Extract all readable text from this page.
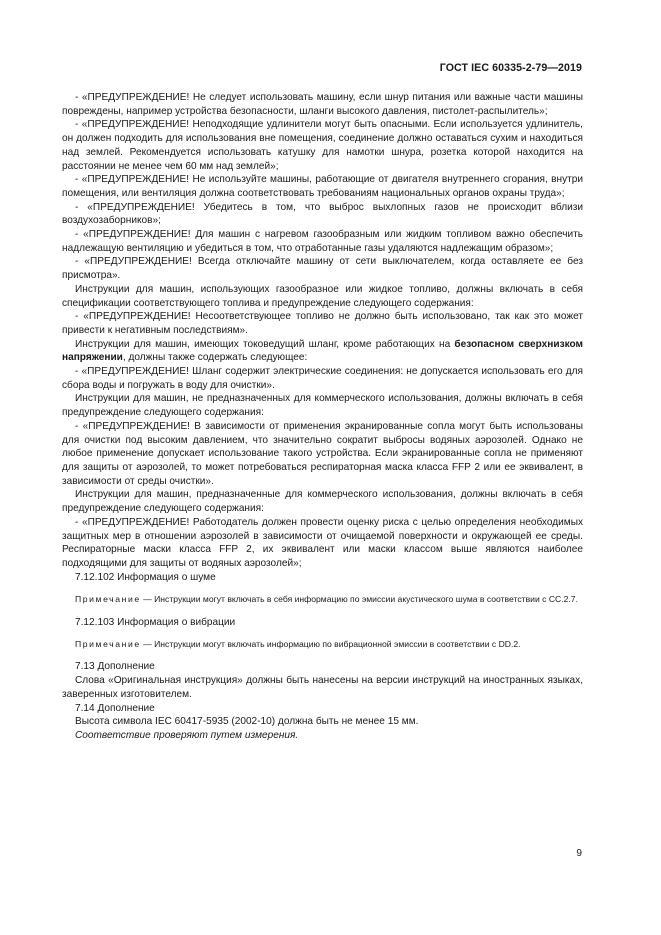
ГОСТ IEC 60335-2-79—2019

- «ПРЕДУПРЕЖДЕНИЕ! Не следует использовать машину, если шнур питания или важные части машины повреждены, например устройства безопасности, шланги высокого давления, пистолет-распылитель»;

- «ПРЕДУПРЕЖДЕНИЕ! Неподходящие удлинители могут быть опасными. Если используется удлинитель, он должен подходить для использования вне помещения, соединение должно оставаться сухим и находиться над землей. Рекомендуется использовать катушку для намотки шнура, розетка которой находится на расстоянии не менее чем 60 мм над землей»;

- «ПРЕДУПРЕЖДЕНИЕ! Не используйте машины, работающие от двигателя внутреннего сгорания, внутри помещения, или вентиляция должна соответствовать требованиям национальных органов охраны труда»;

- «ПРЕДУПРЕЖДЕНИЕ! Убедитесь в том, что выброс выхлопных газов не происходит вблизи воздухозаборников»;

- «ПРЕДУПРЕЖДЕНИЕ! Для машин с нагревом газообразным или жидким топливом важно обеспечить надлежащую вентиляцию и убедиться в том, что отработанные газы удаляются надлежащим образом»;

- «ПРЕДУПРЕЖДЕНИЕ! Всегда отключайте машину от сети выключателем, когда оставляете ее без присмотра».

Инструкции для машин, использующих газообразное или жидкое топливо, должны включать в себя спецификации соответствующего топлива и предупреждение следующего содержания:

- «ПРЕДУПРЕЖДЕНИЕ! Несоответствующее топливо не должно быть использовано, так как это может привести к негативным последствиям».

Инструкции для машин, имеющих токоведущий шланг, кроме работающих на безопасном сверхнизком напряжении, должны также содержать следующее:

- «ПРЕДУПРЕЖДЕНИЕ! Шланг содержит электрические соединения: не допускается использовать его для сбора воды и погружать в воду для очистки».

Инструкции для машин, не предназначенных для коммерческого использования, должны включать в себя предупреждение следующего содержания:

- «ПРЕДУПРЕЖДЕНИЕ! В зависимости от применения экранированные сопла могут быть использованы для очистки под высоким давлением, что значительно сократит выбросы водяных аэрозолей. Однако не любое применение допускает использование такого устройства. Если экранированные сопла не применяют для защиты от аэрозолей, то может потребоваться респираторная маска класса FFP 2 или ее эквивалент, в зависимости от среды очистки».

Инструкции для машин, предназначенные для коммерческого использования, должны включать в себя предупреждение следующего содержания:

- «ПРЕДУПРЕЖДЕНИЕ! Работодатель должен провести оценку риска с целью определения необходимых защитных мер в отношении аэрозолей в зависимости от очищаемой поверхности и окружающей ее среды. Респираторные маски класса FFP 2, их эквивалент или маски классом выше являются наиболее подходящими для защиты от водяных аэрозолей»;

7.12.102 Информация о шуме

Примечание — Инструкции могут включать в себя информацию по эмиссии акустического шума в соответствии с CC.2.7.

7.12.103 Информация о вибрации

Примечание — Инструкции могут включать информацию по вибрационной эмиссии в соответствии с DD.2.

7.13 Дополнение

Слова «Оригинальная инструкция» должны быть нанесены на версии инструкций на иностранных языках, заверенных изготовителем.

7.14 Дополнение

Высота символа IEC 60417-5935 (2002-10) должна быть не менее 15 мм.

Соответствие проверяют путем измерения.

9
